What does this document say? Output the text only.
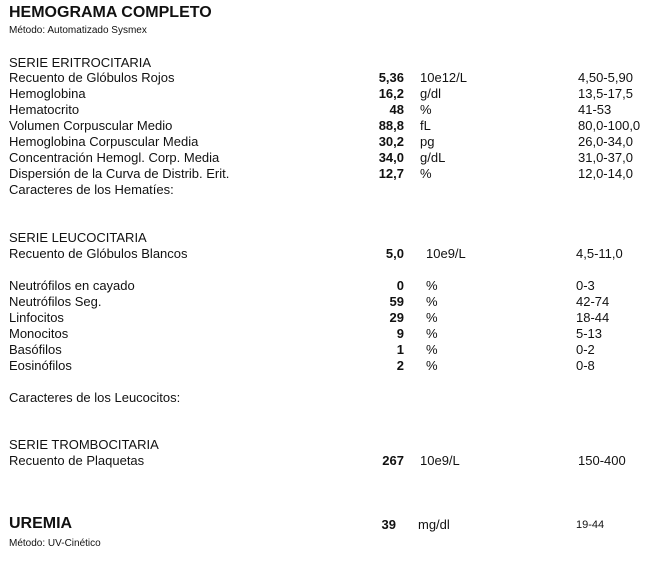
HEMOGRAMA COMPLETO
Método: Automatizado Sysmex
SERIE ERITROCITARIA
Recuento de Glóbulos Rojos	5,36 10e12/L	4,50-5,90
Hemoglobina	16,2 g/dl	13,5-17,5
Hematocrito	48 %	41-53
Volumen Corpuscular Medio	88,8 fL	80,0-100,0
Hemoglobina Corpuscular Media	30,2 pg	26,0-34,0
Concentración Hemogl. Corp. Media	34,0 g/dL	31,0-37,0
Dispersión de la Curva de Distrib. Erit.	12,7 %	12,0-14,0
Caracteres de los Hematíes:
SERIE LEUCOCITARIA
Recuento de Glóbulos Blancos	5,0 10e9/L	4,5-11,0
Neutrófilos en cayado	0 %	0-3
Neutrófilos Seg.	59 %	42-74
Linfocitos	29 %	18-44
Monocitos	9 %	5-13
Basófilos	1 %	0-2
Eosinófilos	2 %	0-8
Caracteres de los Leucocitos:
SERIE TROMBOCITARIA
Recuento de Plaquetas	267 10e9/L	150-400
UREMIA	39 mg/dl	19-44
Método: UV-Cinético
